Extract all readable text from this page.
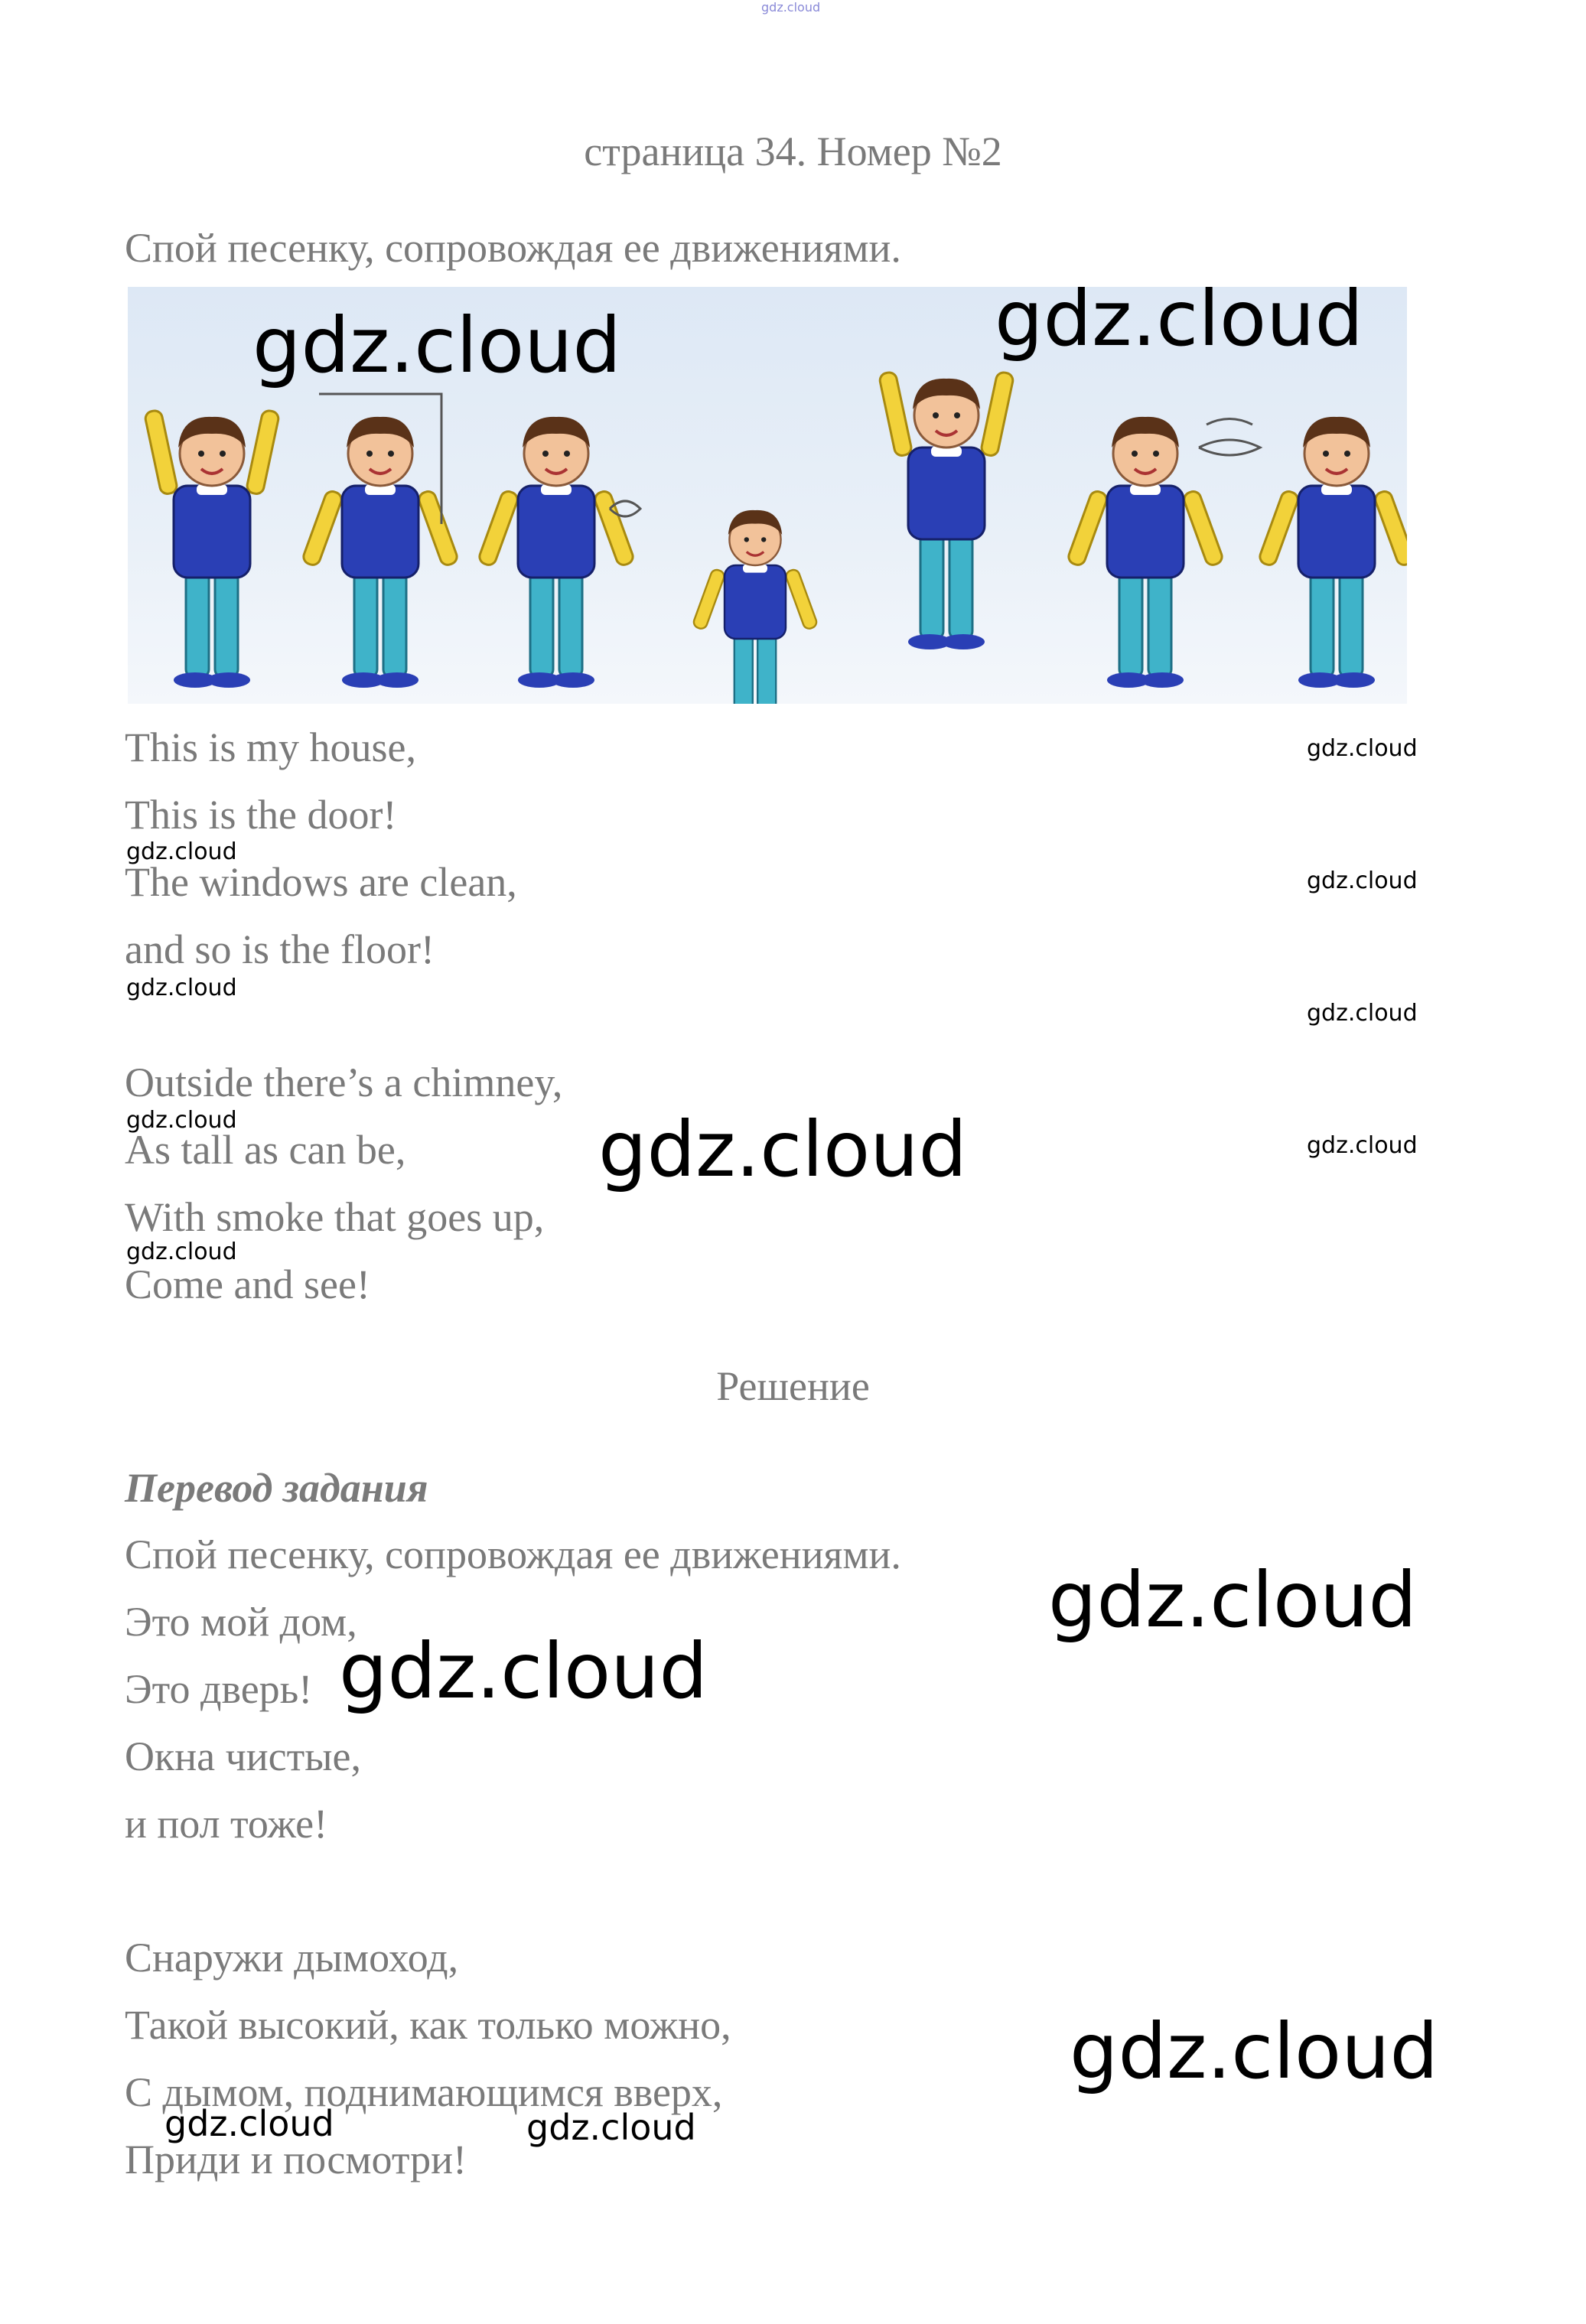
gdz.cloud
страница 34. Номер №2
Спой песенку, сопровождая ее движениями.
gdz.cloud	gdz.cloud
This is my house,
This is the door!
The windows are clean,
and so is the floor!
Outside there’s a chimney,
As tall as can be,
With smoke that goes up,
Come and see!
gdz.cloud
gdz.cloud
gdz.cloud
gdz.cloud
gdz.cloud
gdz.cloud
gdz.cloud
gdz.cloud
gdz.cloud
Решение
Перевод задания
Спой песенку, сопровождая ее движениями.
Это мой дом,
Это дверь!
Окна чистые,
и пол тоже!
Снаружи дымоход,
Такой высокий, как только можно,
С дымом, поднимающимся вверх,
Приди и посмотри!
gdz.cloud
gdz.cloud
gdz.cloud
gdz.cloud	gdz.cloud
